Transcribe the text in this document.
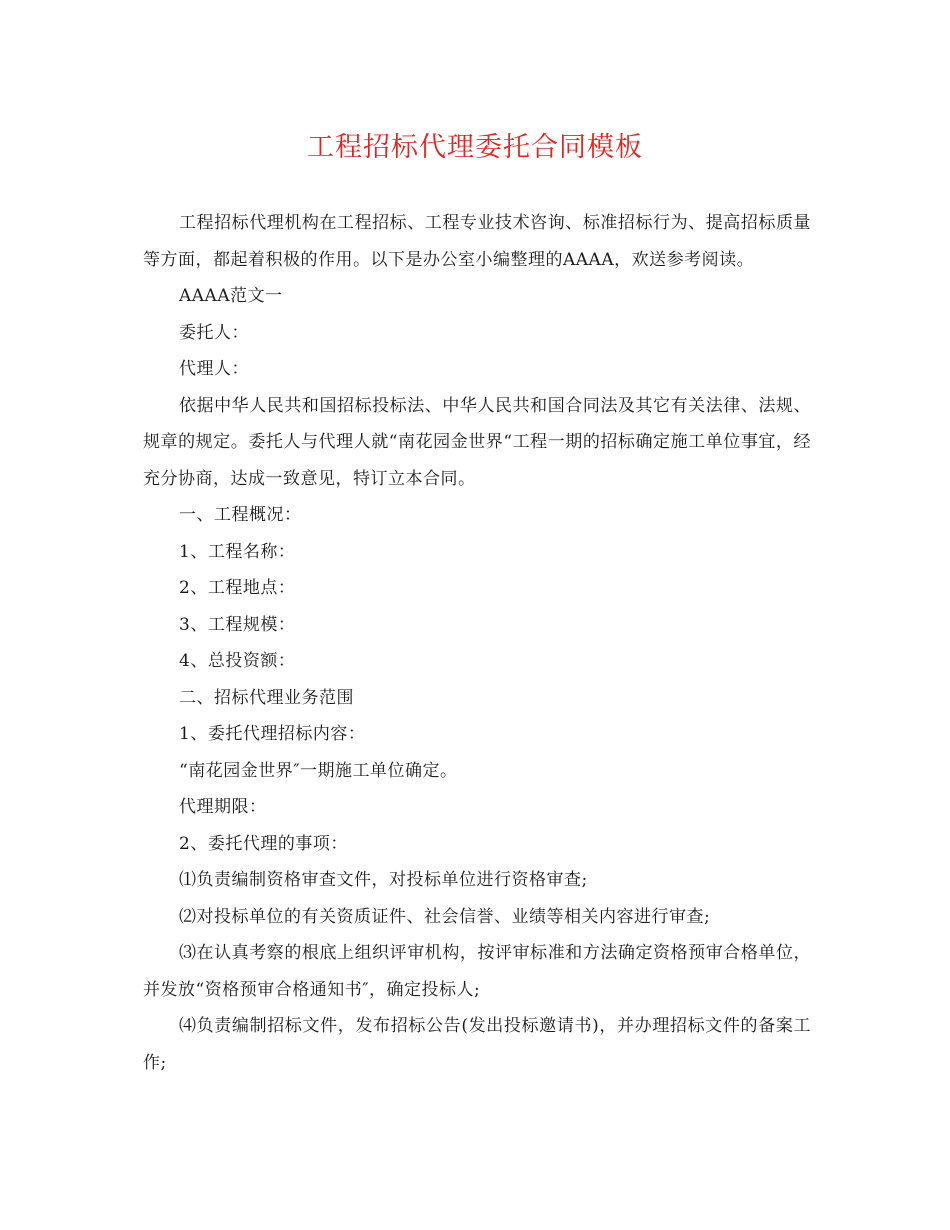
工程招标代理委托合同模板

工程招标代理机构在工程招标、工程专业技术咨询、标准招标行为、提高招标质量等方面，都起着积极的作用。以下是办公室小编整理的AAAA，欢送参考阅读。

AAAA范文一

委托人：

代理人：

依据中华人民共和国招标投标法、中华人民共和国合同法及其它有关法律、法规、规章的规定。委托人与代理人就“南花园金世界“工程一期的招标确定施工单位事宜，经充分协商，达成一致意见，特订立本合同。

一、工程概况：

1、工程名称：

2、工程地点：

3、工程规模：

4、总投资额：

二、招标代理业务范围

1、委托代理招标内容：

“南花园金世界″一期施工单位确定。

代理期限：

2、委托代理的事项：

⑴负责编制资格审查文件，对投标单位进行资格审查;

⑵对投标单位的有关资质证件、社会信誉、业绩等相关内容进行审查;

⑶在认真考察的根底上组织评审机构，按评审标准和方法确定资格预审合格单位，并发放“资格预审合格通知书″，确定投标人;

⑷负责编制招标文件，发布招标公告(发出投标邀请书)，并办理招标文件的备案工作;
